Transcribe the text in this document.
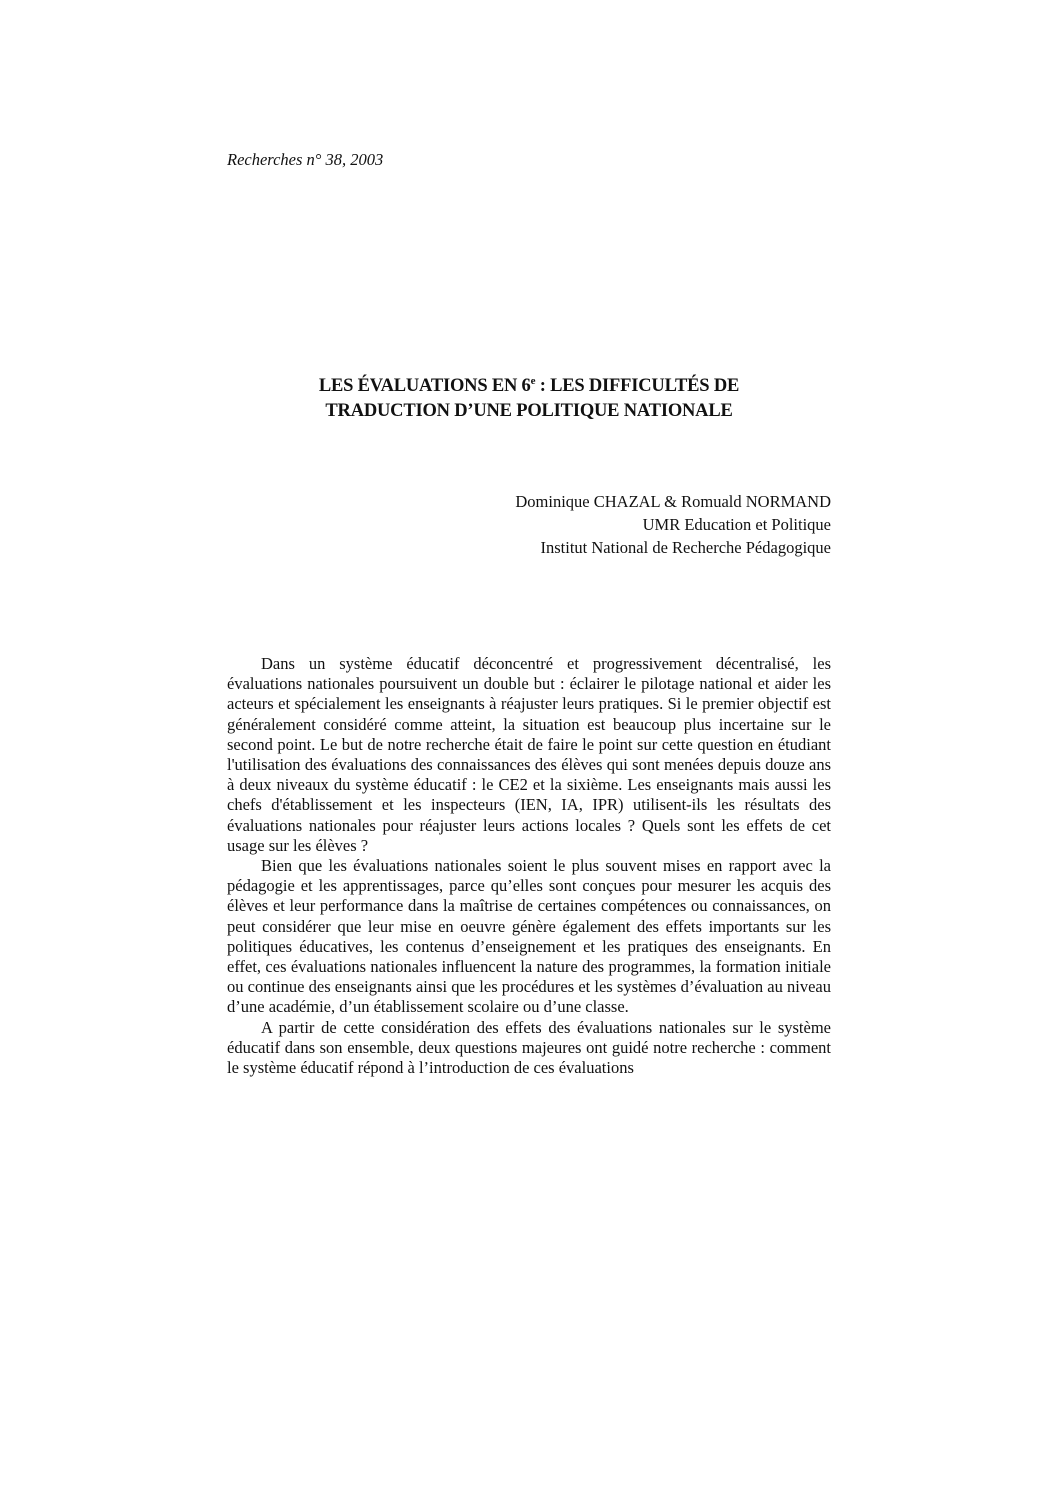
Recherches n° 38, 2003
LES ÉVALUATIONS EN 6e : LES DIFFICULTÉS DE
TRADUCTION D’UNE POLITIQUE NATIONALE
Dominique CHAZAL & Romuald NORMAND
UMR Education et Politique
Institut National de Recherche Pédagogique

Dans un système éducatif déconcentré et progressivement décentralisé, les évaluations nationales poursuivent un double but : éclairer le pilotage national et aider les acteurs et spécialement les enseignants à réajuster leurs pratiques. Si le premier objectif est généralement considéré comme atteint, la situation est beaucoup plus incertaine sur le second point. Le but de notre recherche était de faire le point sur cette question en étudiant l'utilisation des évaluations des connaissances des élèves qui sont menées depuis douze ans à deux niveaux du système éducatif : le CE2 et la sixième. Les enseignants mais aussi les chefs d'établissement et les inspecteurs (IEN, IA, IPR) utilisent-ils les résultats des évaluations nationales pour réajuster leurs actions locales ? Quels sont les effets de cet usage sur les élèves ?

Bien que les évaluations nationales soient le plus souvent mises en rapport avec la pédagogie et les apprentissages, parce qu’elles sont conçues pour mesurer les acquis des élèves et leur performance dans la maîtrise de certaines compétences ou connaissances, on peut considérer que leur mise en oeuvre génère également des effets importants sur les politiques éducatives, les contenus d’enseignement et les pratiques des enseignants. En effet, ces évaluations nationales influencent la nature des programmes, la formation initiale ou continue des enseignants ainsi que les procédures et les systèmes d’évaluation au niveau d’une académie, d’un établissement scolaire ou d’une classe.

A partir de cette considération des effets des évaluations nationales sur le système éducatif dans son ensemble, deux questions majeures ont guidé notre recherche : comment le système éducatif répond à l’introduction de ces évaluations
